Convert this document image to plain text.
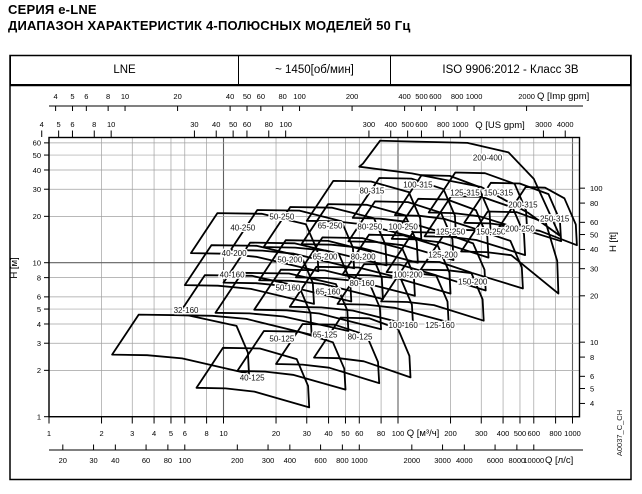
СЕРИЯ e-LNE
ДИАПАЗОН ХАРАКТЕРИСТИК 4-ПОЛЮСНЫХ МОДЕЛЕЙ 50 Гц
LNE	~ 1450[об/мин]	ISO 9906:2012 - Класс 3B
4 5 6 8 10	20	40 50 60 80 100	200	400 500 600 800 1000	2000 Q [Imp gpm]
4 5 6 8 10	30 40 50 60 80 100	300 400 500 600 800 1000	3000 4000
Q [US gpm]
1	2	3 4 5 6 8 10	20	30 40 50 60 80 100	200 300 400 500 600 800 1000
Q [м³/ч]
20	30 40	60 80 100	200 300 400 600 800 1000	2000 3000 4000 6000 8000
10000 Q [л/с]
1
2
3
4
5
6
8
10
20
30
40
50
60
H [м]
4
5
6
8
10
20
30
40
50
60
80
100
H [ft]
A0037_C_CH
32-160
40-125
40-160
40-200
40-250
50-125
50-160
50-200
50-250
65-125
65-160
65-200
65-250
80-125
80-160
80-200
80-250
80-315
100-160
100-200
100-250
100-315
125-160
125-200
125-250
125-315
150-200
150-250
150-315
200-250
200-315
200-400
250-315
